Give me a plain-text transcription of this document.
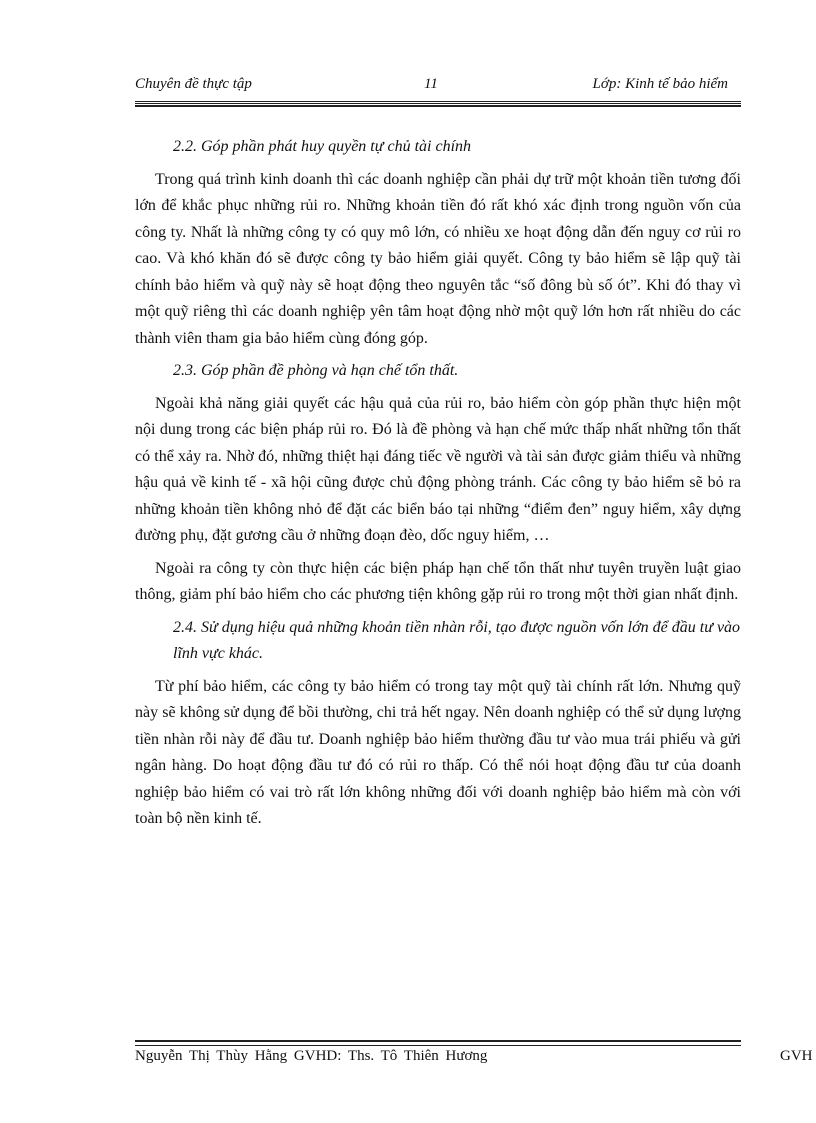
Chuyên đề thực tập	11	Lớp: Kinh tế bảo hiểm

2.2. Góp phần phát huy quyền tự chủ tài chính

Trong quá trình kinh doanh thì các doanh nghiệp cần phải dự trữ một khoản tiền tương đối lớn để khắc phục những rủi ro. Những khoản tiền đó rất khó xác định trong nguồn vốn của công ty. Nhất là những công ty có quy mô lớn, có nhiều xe hoạt động dẫn đến nguy cơ rủi ro cao. Và khó khăn đó sẽ được công ty bảo hiểm giải quyết. Công ty bảo hiểm sẽ lập quỹ tài chính bảo hiểm và quỹ này sẽ hoạt động theo nguyên tắc “số đông bù số ót”. Khi đó thay vì một quỹ riêng thì các doanh nghiệp yên tâm hoạt động nhờ một quỹ lớn hơn rất nhiều do các thành viên tham gia bảo hiểm cùng đóng góp.

2.3. Góp phần đề phòng và hạn chế tổn thất.

Ngoài khả năng giải quyết các hậu quả của rủi ro, bảo hiểm còn góp phần thực hiện một nội dung trong các biện pháp rủi ro. Đó là đề phòng và hạn chế mức thấp nhất những tổn thất có thể xảy ra. Nhờ đó, những thiệt hại đáng tiếc về người và tài sản được giảm thiểu và những hậu quả về kinh tế - xã hội cũng được chủ động phòng tránh. Các công ty bảo hiểm sẽ bỏ ra những khoản tiền không nhỏ để đặt các biển báo tại những “điểm đen” nguy hiểm, xây dựng đường phụ, đặt gương cầu ở những đoạn đèo, dốc nguy hiểm, …

Ngoài ra công ty còn thực hiện các biện pháp hạn chế tổn thất như tuyên truyền luật giao thông, giảm phí bảo hiểm cho các phương tiện không gặp rủi ro trong một thời gian nhất định.

2.4. Sử dụng hiệu quả những khoản tiền nhàn rỗi, tạo được nguồn vốn lớn để đầu tư vào lĩnh vực khác.

Từ phí bảo hiểm, các công ty bảo hiểm có trong tay một quỹ tài chính rất lớn. Nhưng quỹ này sẽ không sử dụng để bồi thường, chi trả hết ngay. Nên doanh nghiệp có thể sử dụng lượng tiền nhàn rỗi này để đầu tư. Doanh nghiệp bảo hiểm thường đầu tư vào mua trái phiếu và gửi ngân hàng. Do hoạt động đầu tư đó có rủi ro thấp. Có thể nói hoạt động đầu tư của doanh nghiệp bảo hiểm có vai trò rất lớn không những đối với doanh nghiệp bảo hiểm mà còn với toàn bộ nền kinh tế.

Nguyễn Thị Thùy Hằng GVHD: Ths. Tô Thiên Hương	GVH
